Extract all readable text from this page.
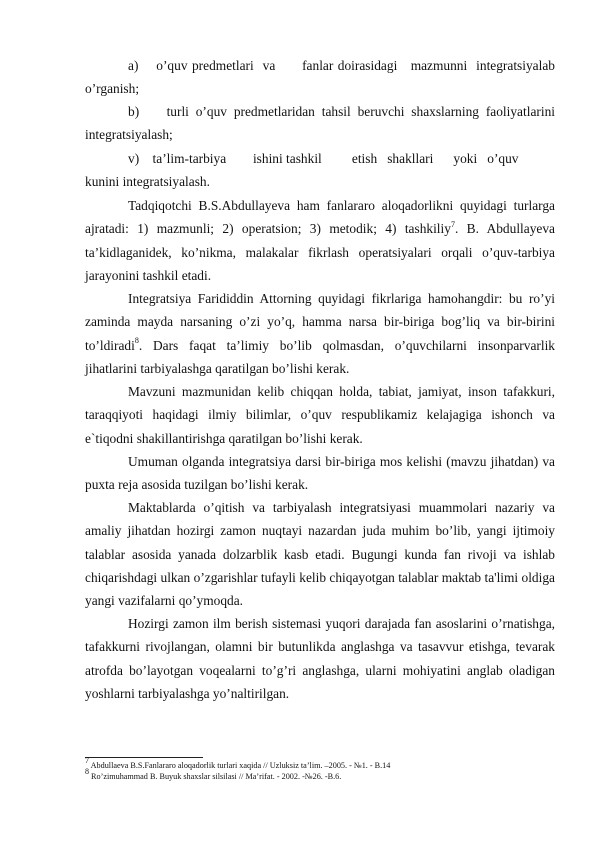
a)    o’quv predmetlari  va      fanlar doirasidagi   mazmunni  integratsiyalab o’rganish;

b)    turli o’quv predmetlaridan tahsil beruvchi shaxslarning faoliyatlarini integratsiyalash;

v)    ta’lim-tarbiya        ishini tashkil         etish   shakllari      yoki   o’quv

kunini integratsiyalash.

Tadqiqotchi B.S.Abdullayeva ham fanlararo aloqadorlikni quyidagi turlarga ajratadi: 1) mazmunli; 2) operatsion; 3) metodik; 4) tashkiliy$^7$. B. Abdullayeva ta’kidlaganidek, ko’nikma, malakalar fikrlash operatsiyalari orqali o’quv-tarbiya jarayonini tashkil etadi.

Integratsiya Farididdin Attorning quyidagi fikrlariga hamohangdir: bu ro’yi zaminda mayda narsaning o’zi yo’q, hamma narsa bir-biriga bog’liq va bir-birini to’ldiradi$^8$. Dars faqat ta’limiy bo’lib qolmasdan, o’quvchilarni insonparvarlik jihatlarini tarbiyalashga qaratilgan bo’lishi kerak.

Mavzuni mazmunidan kelib chiqqan holda, tabiat, jamiyat, inson tafakkuri, taraqqiyoti haqidagi ilmiy bilimlar, o’quv respublikamiz kelajagiga ishonch va e`tiqodni shakillantirishga qaratilgan bo’lishi kerak.

Umuman olganda integratsiya darsi bir-biriga mos kelishi (mavzu jihatdan) va puxta reja asosida tuzilgan bo’lishi kerak.

Maktablarda o’qitish va tarbiyalash integratsiyasi muammolari nazariy va amaliy jihatdan hozirgi zamon nuqtayi nazardan juda muhim bo’lib, yangi ijtimoiy talablar asosida yanada dolzarblik kasb etadi. Bugungi kunda fan rivoji va ishlab chiqarishdagi ulkan o’zgarishlar tufayli kelib chiqayotgan talablar maktab ta'limi oldiga yangi vazifalarni qo’ymoqda.

Hozirgi zamon ilm berish sistemasi yuqori darajada fan asoslarini o’rnatishga, tafakkurni rivojlangan, olamni bir butunlikda anglashga va tasavvur etishga, tevarak atrofda bo’layotgan voqealarni to’g’ri anglashga, ularni mohiyatini anglab oladigan yoshlarni tarbiyalashga yo’naltirilgan.

$^7$ Abdullaeva B.S.Fanlararo aloqadorlik turlari xaqida // Uzluksiz ta’lim. –2005. - №1. - B.14

$^8$ Ro’zimuhammad B. Buyuk shaxslar silsilasi // Ma’rifat. - 2002. -№26. -B.6.
